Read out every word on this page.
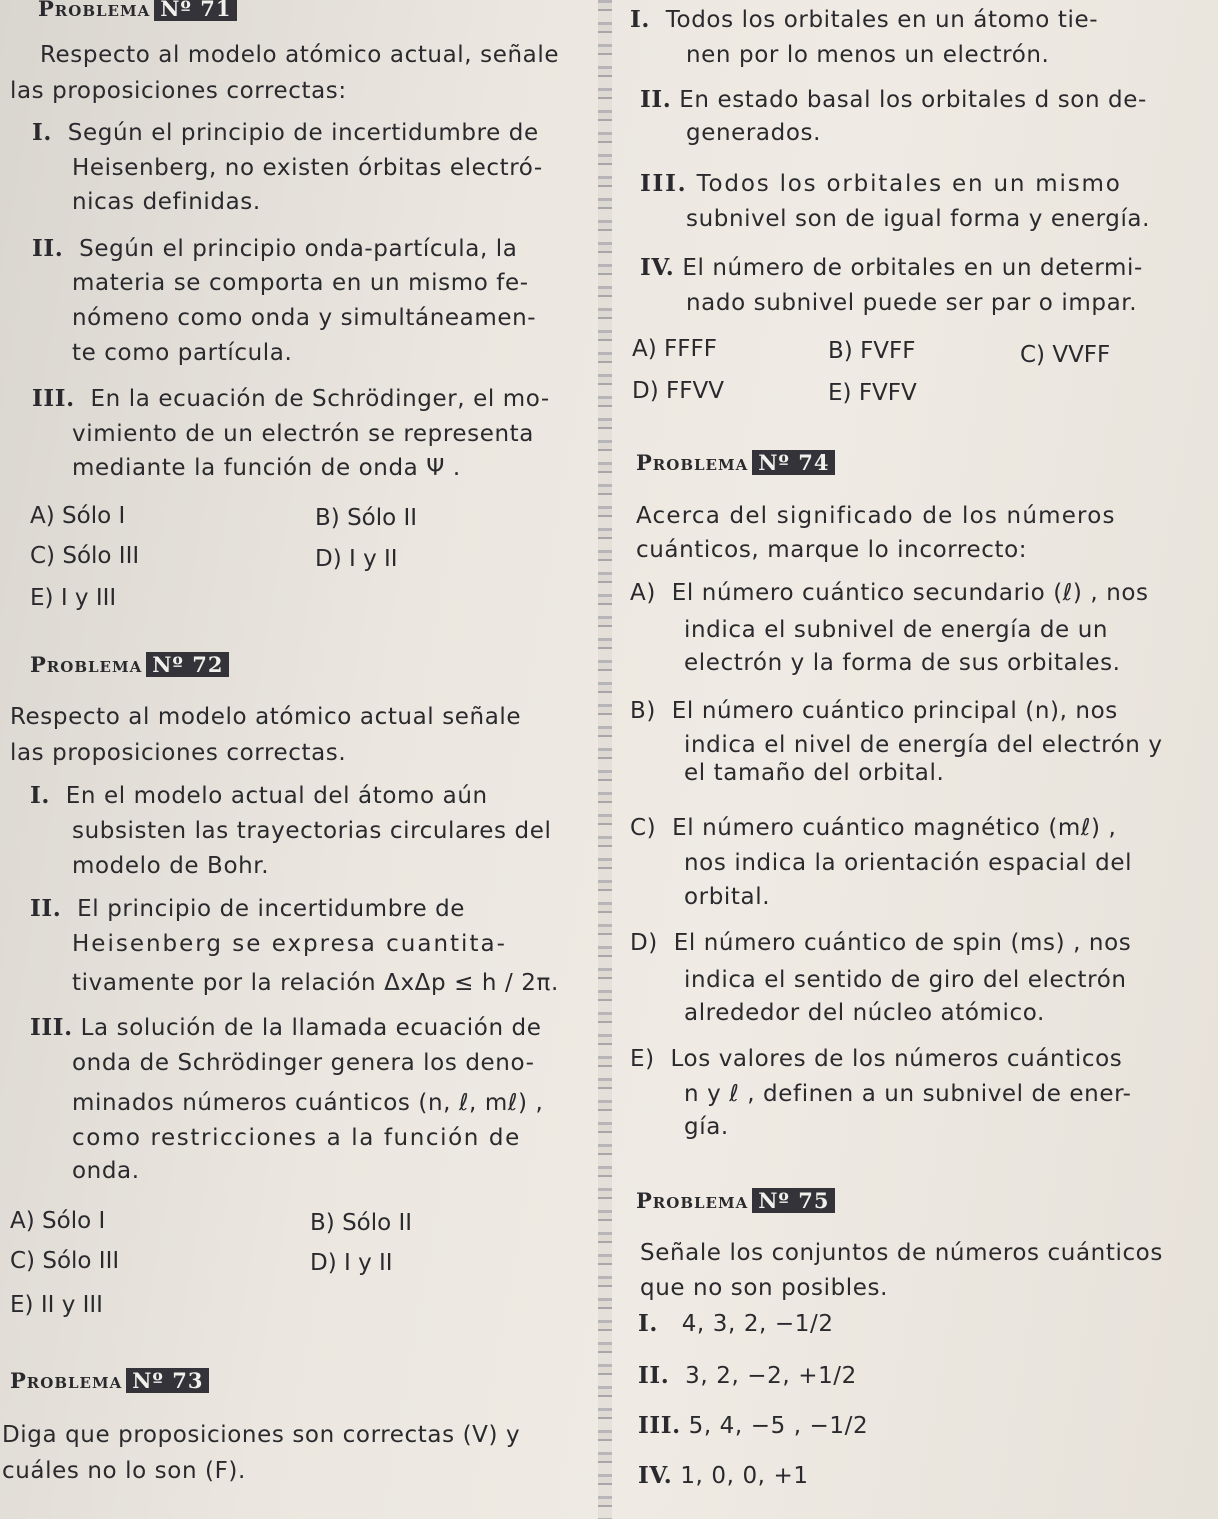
Problema Nº 71
Respecto al modelo atómico actual, señale
las proposiciones correctas:
I. Según el principio de incertidumbre de
Heisenberg, no existen órbitas electró-
nicas definidas.
II. Según el principio onda-partícula, la
materia se comporta en un mismo fe-
nómeno como onda y simultáneamen-
te como partícula.
III. En la ecuación de Schrödinger, el mo-
vimiento de un electrón se representa
mediante la función de onda Ψ .
A) Sólo I	B) Sólo II
C) Sólo III	D) I y II
E) I y III
Problema Nº 72
Respecto al modelo atómico actual señale
las proposiciones correctas.
I. En el modelo actual del átomo aún
subsisten las trayectorias circulares del
modelo de Bohr.
II. El principio de incertidumbre de
Heisenberg se expresa cuantita-
tivamente por la relación ΔxΔp ≤ h / 2π.
III. La solución de la llamada ecuación de
onda de Schrödinger genera los deno-
minados números cuánticos (n, ℓ, mℓ) ,
como restricciones a la función de
onda.
A) Sólo I	B) Sólo II
C) Sólo III	D) I y II
E) II y III
Problema Nº 73
Diga que proposiciones son correctas (V) y
cuáles no lo son (F).
I. Todos los orbitales en un átomo tie-
nen por lo menos un electrón.
II. En estado basal los orbitales d son de-
generados.
III. Todos los orbitales en un mismo
subnivel son de igual forma y energía.
IV. El número de orbitales en un determi-
nado subnivel puede ser par o impar.
A) FFFF	B) FVFF	C) VVFF
D) FFVV	E) FVFV
Problema Nº 74
Acerca del significado de los números
cuánticos, marque lo incorrecto:
A) El número cuántico secundario (ℓ) , nos
indica el subnivel de energía de un
electrón y la forma de sus orbitales.
B) El número cuántico principal (n), nos
indica el nivel de energía del electrón y
el tamaño del orbital.
C) El número cuántico magnético (mℓ) ,
nos indica la orientación espacial del
orbital.
D) El número cuántico de spin (ms) , nos
indica el sentido de giro del electrón
alrededor del núcleo atómico.
E) Los valores de los números cuánticos
n y ℓ , definen a un subnivel de ener-
gía.
Problema Nº 75
Señale los conjuntos de números cuánticos
que no son posibles.
I. 4, 3, 2, −1/2
II. 3, 2, −2, +1/2
III. 5, 4, −5 , −1/2
IV. 1, 0, 0, +1
